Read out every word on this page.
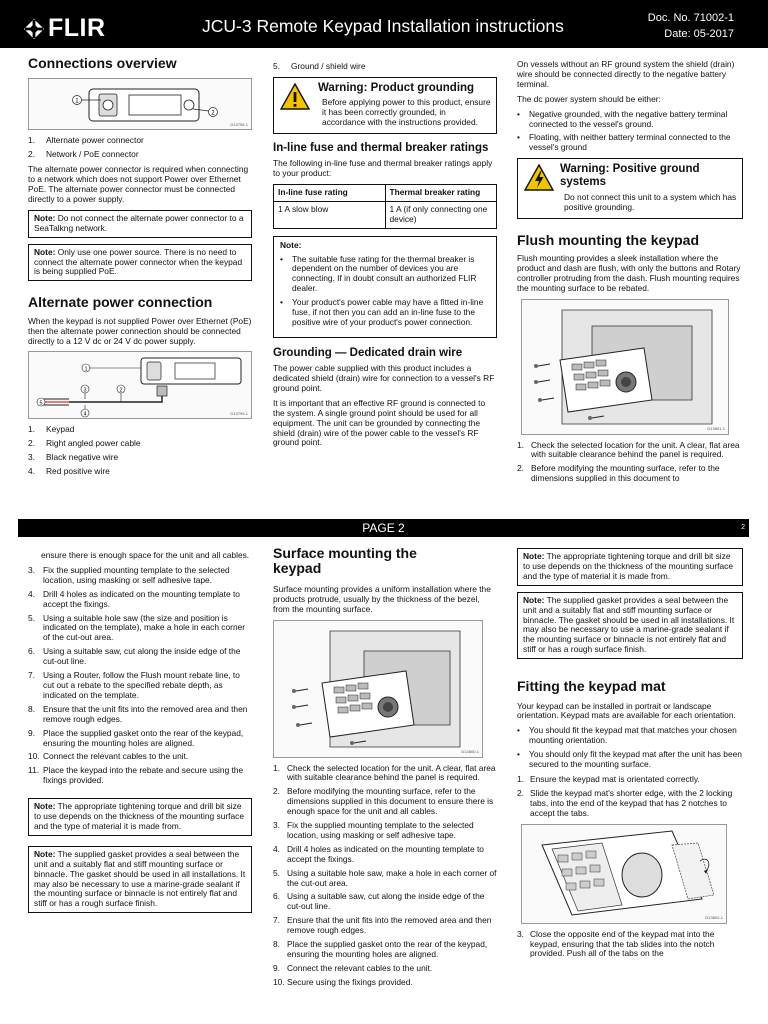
FLIR	JCU-3 Remote Keypad Installation instructions	Doc. No. 71002-1
Date: 05-2017
Connections overview
1
2
D13798-1
1.	Alternate power connector
2.	Network / PoE connector

The alternate power connector is required when connecting to a network which does not support Power over Ethernet PoE. The alternate power connector must be connected directly to a power supply.

Note: Do not connect the alternate power connector to a SeaTalkng network.
Note: Only use one power source. There is no need to connect the alternate power connector when the keypad is being supplied PoE.
Alternate power connection

When the keypad is not supplied Power over Ethernet (PoE) then the alternate power connection should be connected directly to a 12 V dc or 24 V dc power supply.

1
2
3
4
5
D13799-1
1.	Keypad
2.	Right angled power cable
3.	Black negative wire
4.	Red positive wire
5.	Ground / shield wire
Warning: Product grounding
Before applying power to this product, ensure it has been correctly grounded, in accordance with the instructions provided.
In-line fuse and thermal breaker ratings

The following in-line fuse and thermal breaker ratings apply to your product:

In-line fuse rating	Thermal breaker rating
1 A slow blow	1 A (if only connecting one device)
Note:
•	The suitable fuse rating for the thermal breaker is dependent on the number of devices you are connecting. If in doubt consult an authorized FLIR dealer.
•	Your product's power cable may have a fitted in-line fuse, if not then you can add an in-line fuse to the positive wire of your product's power connection.
Grounding — Dedicated drain wire

The power cable supplied with this product includes a dedicated shield (drain) wire for connection to a vessel's RF ground point.

It is important that an effective RF ground is connected to the system. A single ground point should be used for all equipment. The unit can be grounded by connecting the shield (drain) wire of the power cable to the vessel's RF ground point.

On vessels without an RF ground system the shield (drain) wire should be connected directly to the negative battery terminal.

The dc power system should be either:

•	Negative grounded, with the negative battery terminal connected to the vessel's ground.
•	Floating, with neither battery terminal connected to the vessel's ground
Warning: Positive ground systems
Do not connect this unit to a system which has positive grounding.
Flush mounting the keypad

Flush mounting provides a sleek installation where the product and dash are flush, with only the buttons and Rotary controller protruding from the dash. Flush mounting requires the mounting surface to be rebated.

D13801-1
1. Check the selected location for the unit. A clear, flat area with suitable clearance behind the panel is required.
2. Before modifying the mounting surface, refer to the dimensions supplied in this document to
PAGE 2	2

ensure there is enough space for the unit and all cables.

3. Fix the supplied mounting template to the selected location, using masking or self adhesive tape.
4. Drill 4 holes as indicated on the mounting template to accept the fixings.
5. Using a suitable hole saw (the size and position is indicated on the template), make a hole in each corner of the cut-out area.
6. Using a suitable saw, cut along the inside edge of the cut-out line.
7. Using a Router, follow the Flush mount rebate line, to cut out a rebate to the specified rebate depth, as indicated on the template.
8. Ensure that the unit fits into the removed area and then remove rough edges.
9. Place the supplied gasket onto the rear of the keypad, ensuring the mounting holes are aligned.
10. Connect the relevant cables to the unit.
11. Place the keypad into the rebate and secure using the fixings provided.
Note: The appropriate tightening torque and drill bit size to use depends on the thickness of the mounting surface and the type of material it is made from.
Note: The supplied gasket provides a seal between the unit and a suitably flat and stiff mounting surface or binnacle. The gasket should be used in all installations. It may also be necessary to use a marine-grade sealant if the mounting surface or binnacle is not entirely flat and stiff or has a rough surface finish.
Surface mounting the keypad

Surface mounting provides a uniform installation where the products protrude, usually by the thickness of the bezel, from the mounting surface.

D13800-1
1. Check the selected location for the unit. A clear, flat area with suitable clearance behind the panel is required.
2. Before modifying the mounting surface, refer to the dimensions supplied in this document to ensure there is enough space for the unit and all cables.
3. Fix the supplied mounting template to the selected location, using masking or self adhesive tape.
4. Drill 4 holes as indicated on the mounting template to accept the fixings.
5. Using a suitable hole saw, make a hole in each corner of the cut-out area.
6. Using a suitable saw, cut along the inside edge of the cut-out line.
7. Ensure that the unit fits into the removed area and then remove rough edges.
8. Place the supplied gasket onto the rear of the keypad, ensuring the mounting holes are aligned.
9. Connect the relevant cables to the unit.
10. Secure using the fixings provided.
Note: The appropriate tightening torque and drill bit size to use depends on the thickness of the mounting surface and the type of material it is made from.
Note: The supplied gasket provides a seal between the unit and a suitably flat and stiff mounting surface or binnacle. The gasket should be used in all installations. It may also be necessary to use a marine-grade sealant if the mounting surface or binnacle is not entirely flat and stiff or has a rough surface finish.
Fitting the keypad mat

Your keypad can be installed in portrait or landscape orientation. Keypad mats are available for each orientation.

•	You should fit the keypad mat that matches your chosen mounting orientation.
•	You should only fit the keypad mat after the unit has been secured to the mounting surface.
1. Ensure the keypad mat is orientated correctly.
2. Slide the keypad mat's shorter edge, with the 2 locking tabs, into the end of the keypad that has 2 notches to accept the tabs.
D13802-1
3. Close the opposite end of the keypad mat into the keypad, ensuring that the tab slides into the notch provided. Push all of the tabs on the
